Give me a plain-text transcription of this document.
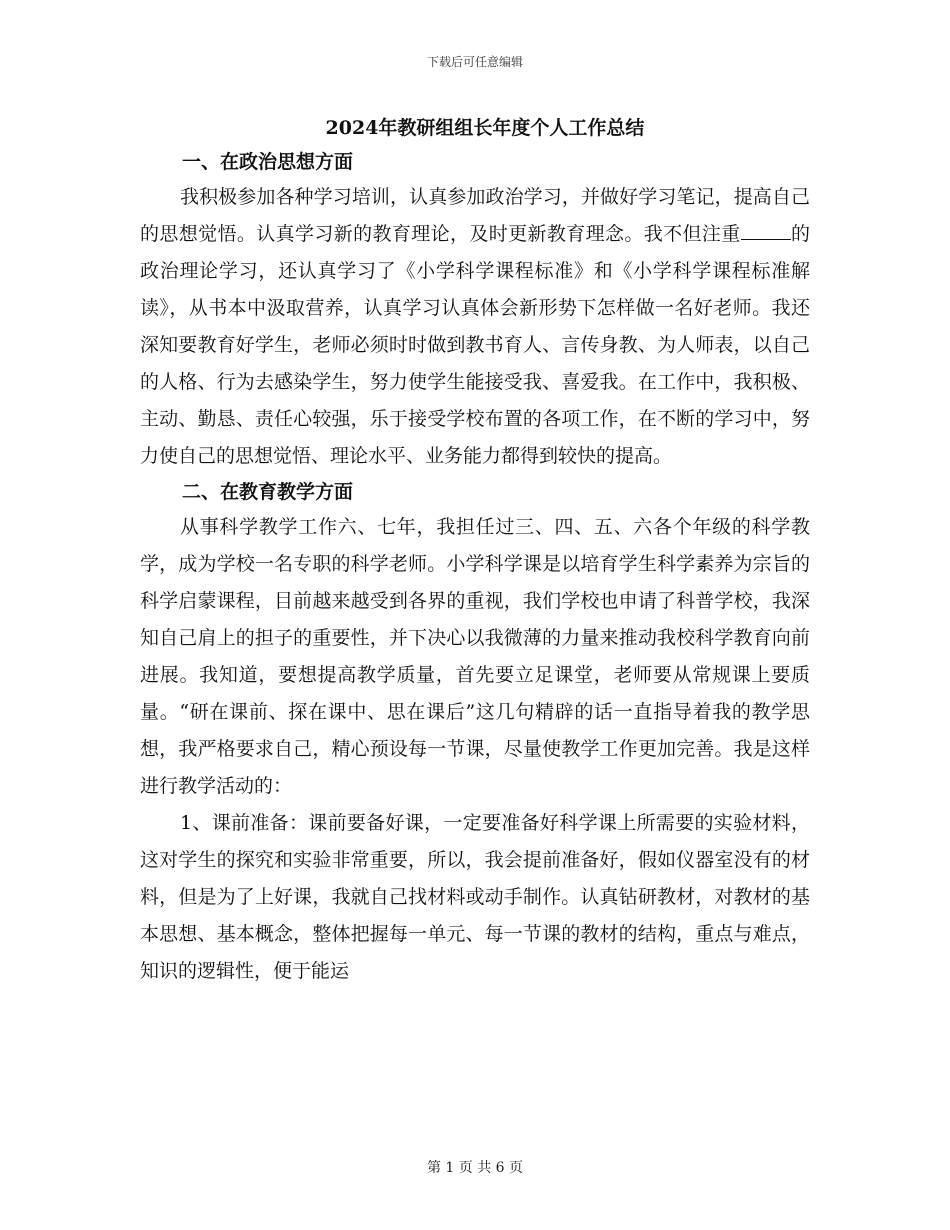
下载后可任意编辑
2024年教研组组长年度个人工作总结
一、在政治思想方面

我积极参加各种学习培训，认真参加政治学习，并做好学习笔记，提高自己的思想觉悟。认真学习新的教育理论，及时更新教育理念。我不但注重	的政治理论学习，还认真学习了《小学科学课程标准》和《小学科学课程标准解读》，从书本中汲取营养，认真学习认真体会新形势下怎样做一名好老师。我还深知要教育好学生，老师必须时时做到教书育人、言传身教、为人师表，以自己的人格、行为去感染学生，努力使学生能接受我、喜爱我。在工作中，我积极、主动、勤恳、责任心较强，乐于接受学校布置的各项工作，在不断的学习中，努力使自己的思想觉悟、理论水平、业务能力都得到较快的提高。

二、在教育教学方面

从事科学教学工作六、七年，我担任过三、四、五、六各个年级的科学教学，成为学校一名专职的科学老师。小学科学课是以培育学生科学素养为宗旨的科学启蒙课程，目前越来越受到各界的重视，我们学校也申请了科普学校，我深知自己肩上的担子的重要性，并下决心以我微薄的力量来推动我校科学教育向前进展。我知道，要想提高教学质量，首先要立足课堂，老师要从常规课上要质量。“研在课前、探在课中、思在课后”这几句精辟的话一直指导着我的教学思想，我严格要求自己，精心预设每一节课，尽量使教学工作更加完善。我是这样进行教学活动的：

1、课前准备：课前要备好课，一定要准备好科学课上所需要的实验材料，这对学生的探究和实验非常重要，所以，我会提前准备好，假如仪器室没有的材料，但是为了上好课，我就自己找材料或动手制作。认真钻研教材，对教材的基本思想、基本概念，整体把握每一单元、每一节课的教材的结构，重点与难点，知识的逻辑性，便于能运

第 1 页 共 6 页
